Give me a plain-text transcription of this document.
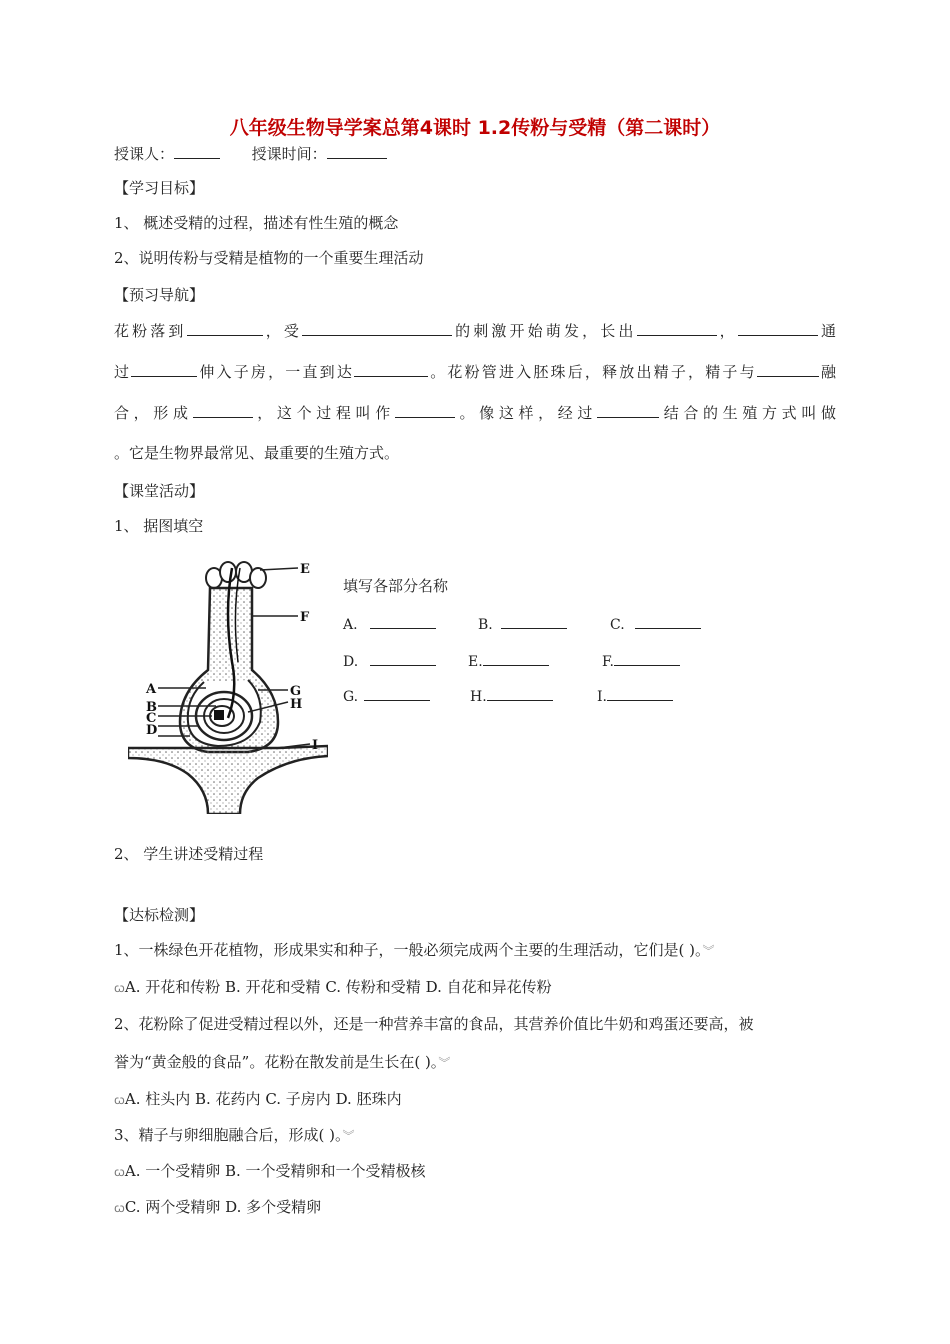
八年级生物导学案总第4课时 1.2传粉与受精（第二课时）
授课人：	授课时间：
【学习目标】
1、 概述受精的过程，描述有性生殖的概念
2、说明传粉与受精是植物的一个重要生理活动
【预习导航】
花粉落到	，受	的刺激开始萌发，长出	，	通
过	伸入子房，一直到达	。花粉管进入胚珠后，释放出精子，精子与	融
合，形成	，这个过程叫作	。像这样，经过	结合的生殖方式叫做
。它是生物界最常见、最重要的生殖方式。
【课堂活动】
1、 据图填空
E
F
A
B
C
D
G
H
I
填写各部分名称
A.	B.	C.
D.	E.	F.
G.	H.	I.
2、 学生讲述受精过程
【达标检测】
1、一株绿色开花植物，形成果实和种子，一般必须完成两个主要的生理活动，它们是( )。︾
ꞷA. 开花和传粉 B. 开花和受精 C. 传粉和受精 D. 自花和异花传粉
2、花粉除了促进受精过程以外，还是一种营养丰富的食品，其营养价值比牛奶和鸡蛋还要高，被
誉为“黄金般的食品”。花粉在散发前是生长在( )。︾
ꞷA. 柱头内 B. 花药内 C. 子房内 D. 胚珠内
3、精子与卵细胞融合后，形成( )。︾
ꞷA. 一个受精卵 B. 一个受精卵和一个受精极核
ꞷC. 两个受精卵 D. 多个受精卵
